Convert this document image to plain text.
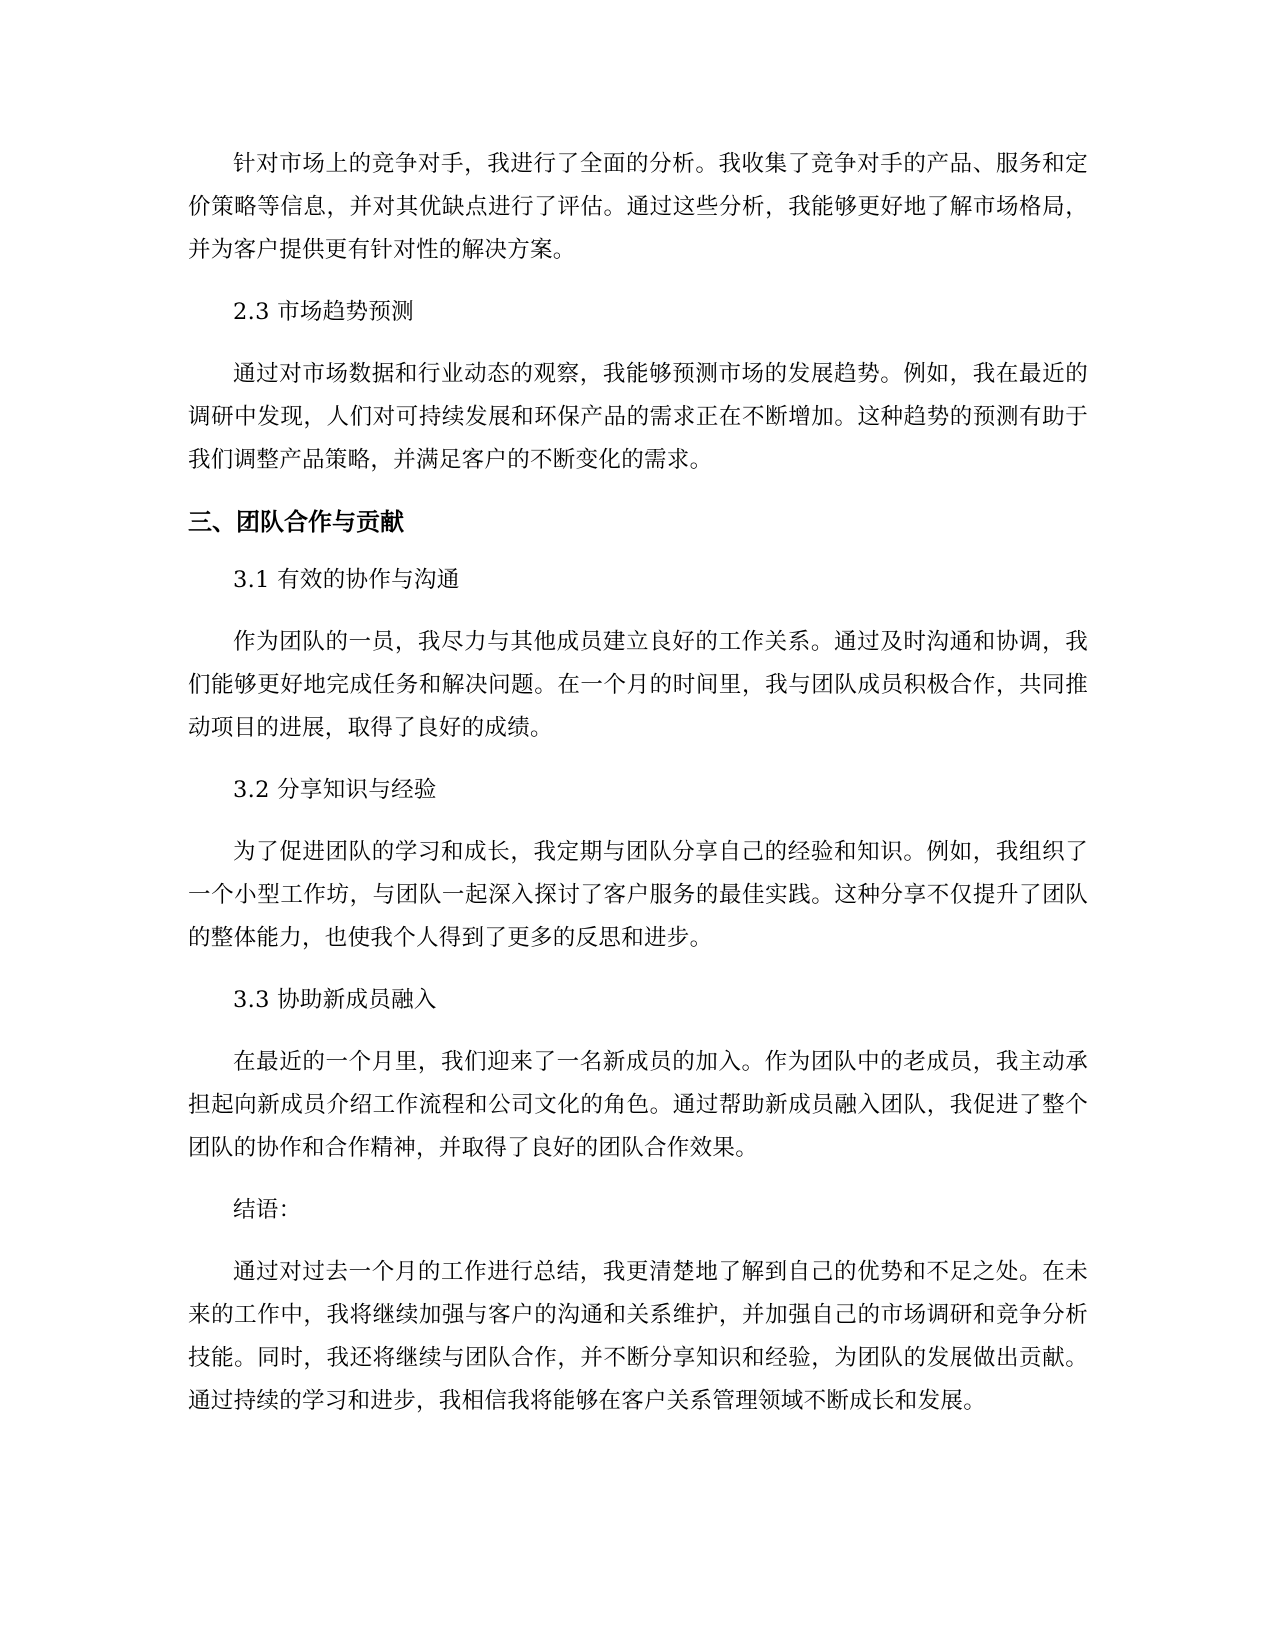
针对市场上的竞争对手，我进行了全面的分析。我收集了竞争对手的产品、服务和定价策略等信息，并对其优缺点进行了评估。通过这些分析，我能够更好地了解市场格局，并为客户提供更有针对性的解决方案。

2.3 市场趋势预测

通过对市场数据和行业动态的观察，我能够预测市场的发展趋势。例如，我在最近的调研中发现，人们对可持续发展和环保产品的需求正在不断增加。这种趋势的预测有助于我们调整产品策略，并满足客户的不断变化的需求。

三、团队合作与贡献

3.1 有效的协作与沟通

作为团队的一员，我尽力与其他成员建立良好的工作关系。通过及时沟通和协调，我们能够更好地完成任务和解决问题。在一个月的时间里，我与团队成员积极合作，共同推动项目的进展，取得了良好的成绩。

3.2 分享知识与经验

为了促进团队的学习和成长，我定期与团队分享自己的经验和知识。例如，我组织了一个小型工作坊，与团队一起深入探讨了客户服务的最佳实践。这种分享不仅提升了团队的整体能力，也使我个人得到了更多的反思和进步。

3.3 协助新成员融入

在最近的一个月里，我们迎来了一名新成员的加入。作为团队中的老成员，我主动承担起向新成员介绍工作流程和公司文化的角色。通过帮助新成员融入团队，我促进了整个团队的协作和合作精神，并取得了良好的团队合作效果。

结语：

通过对过去一个月的工作进行总结，我更清楚地了解到自己的优势和不足之处。在未来的工作中，我将继续加强与客户的沟通和关系维护，并加强自己的市场调研和竞争分析技能。同时，我还将继续与团队合作，并不断分享知识和经验，为团队的发展做出贡献。通过持续的学习和进步，我相信我将能够在客户关系管理领域不断成长和发展。
